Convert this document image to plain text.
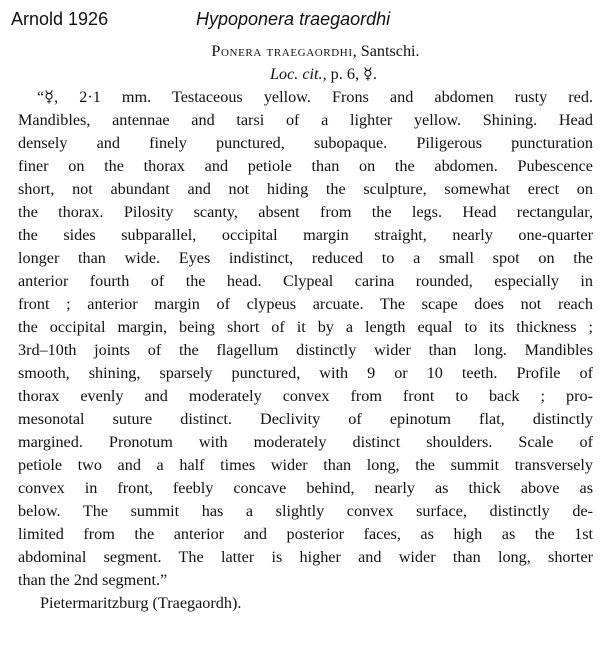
Arnold 1926	Hypoponera traegaordhi

Ponera traegaordhi, Santschi.

Loc. cit., p. 6, ☿.

“☿, 2·1 mm. Testaceous yellow. Frons and abdomen rusty red.
Mandibles, antennae and tarsi of a lighter yellow. Shining. Head
densely and finely punctured, subopaque. Piligerous puncturation
finer on the thorax and petiole than on the abdomen. Pubescence
short, not abundant and not hiding the sculpture, somewhat erect on
the thorax. Pilosity scanty, absent from the legs. Head rectangular,
the sides subparallel, occipital margin straight, nearly one-quarter
longer than wide. Eyes indistinct, reduced to a small spot on the
anterior fourth of the head. Clypeal carina rounded, especially in
front ; anterior margin of clypeus arcuate. The scape does not reach
the occipital margin, being short of it by a length equal to its thickness ;
3rd–10th joints of the flagellum distinctly wider than long. Mandibles
smooth, shining, sparsely punctured, with 9 or 10 teeth. Profile of
thorax evenly and moderately convex from front to back ; pro-
mesonotal suture distinct. Declivity of epinotum flat, distinctly
margined. Pronotum with moderately distinct shoulders. Scale of
petiole two and a half times wider than long, the summit transversely
convex in front, feebly concave behind, nearly as thick above as
below. The summit has a slightly convex surface, distinctly de-
limited from the anterior and posterior faces, as high as the 1st
abdominal segment. The latter is higher and wider than long, shorter
than the 2nd segment.”

Pietermaritzburg (Traegaordh).
